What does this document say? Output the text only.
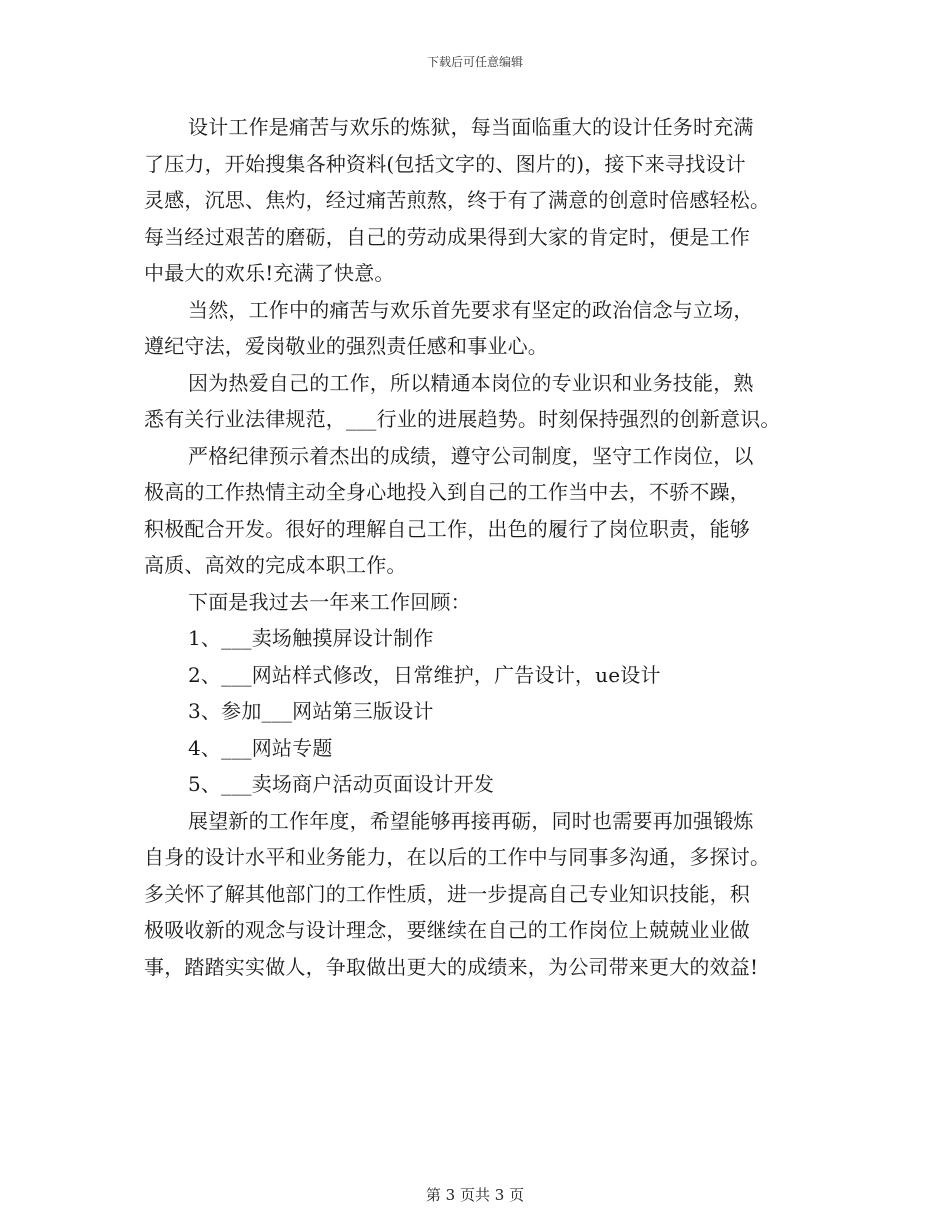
下载后可任意编辑
设计工作是痛苦与欢乐的炼狱，每当面临重大的设计任务时充满
了压力，开始搜集各种资料(包括文字的、图片的)，接下来寻找设计
灵感，沉思、焦灼，经过痛苦煎熬，终于有了满意的创意时倍感轻松。
每当经过艰苦的磨砺，自己的劳动成果得到大家的肯定时，便是工作
中最大的欢乐!充满了快意。
当然，工作中的痛苦与欢乐首先要求有坚定的政治信念与立场，
遵纪守法，爱岗敬业的强烈责任感和事业心。
因为热爱自己的工作，所以精通本岗位的专业识和业务技能，熟
悉有关行业法律规范，___行业的进展趋势。时刻保持强烈的创新意识。
严格纪律预示着杰出的成绩，遵守公司制度，坚守工作岗位，以
极高的工作热情主动全身心地投入到自己的工作当中去，不骄不躁，
积极配合开发。很好的理解自己工作，出色的履行了岗位职责，能够
高质、高效的完成本职工作。
下面是我过去一年来工作回顾：
1、___卖场触摸屏设计制作
2、___网站样式修改，日常维护，广告设计，ue设计
3、参加___网站第三版设计
4、___网站专题
5、___卖场商户活动页面设计开发
展望新的工作年度，希望能够再接再砺，同时也需要再加强锻炼
自身的设计水平和业务能力，在以后的工作中与同事多沟通，多探讨。
多关怀了解其他部门的工作性质，进一步提高自己专业知识技能，积
极吸收新的观念与设计理念，要继续在自己的工作岗位上兢兢业业做
事，踏踏实实做人，争取做出更大的成绩来，为公司带来更大的效益!
第 3 页共 3 页
